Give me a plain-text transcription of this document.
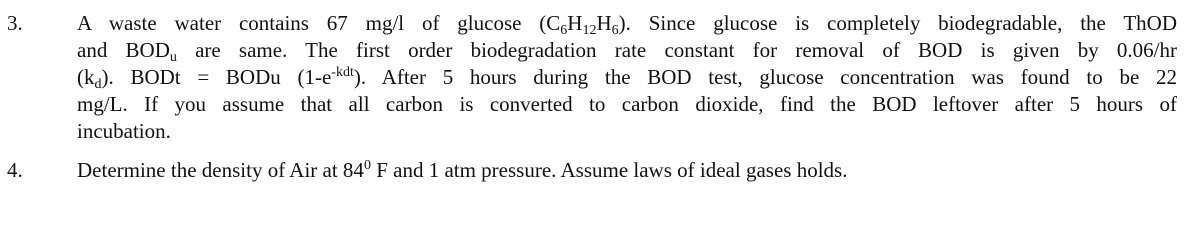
3.	A waste water contains 67 mg/l of glucose $(C_6H_{12}H_6)$. Since glucose is completely biodegradable, the ThOD
and $BOD_u$ are same. The first order biodegradation rate constant for removal of BOD is given by 0.06/hr
$(k_d)$. BODt = BODu $(1-e^{-kdt})$. After 5 hours during the BOD test, glucose concentration was found to be 22
mg/L. If you assume that all carbon is converted to carbon dioxide, find the BOD leftover after 5 hours of
incubation.
4.	Determine the density of Air at $84^0$ F and 1 atm pressure. Assume laws of ideal gases holds.
